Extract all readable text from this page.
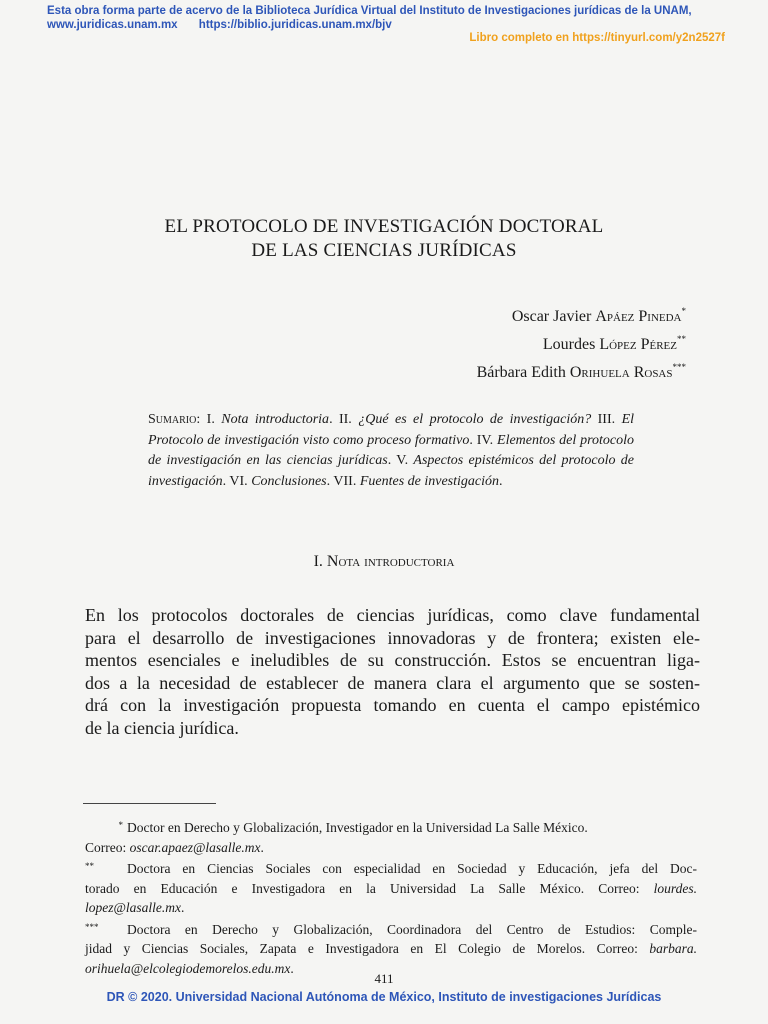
Esta obra forma parte de acervo de la Biblioteca Jurídica Virtual del Instituto de Investigaciones jurídicas de la UNAM,
www.juridicas.unam.mx https://biblio.juridicas.unam.mx/bjv
Libro completo en https://tinyurl.com/y2n2527f
EL PROTOCOLO DE INVESTIGACIÓN DOCTORAL
DE LAS CIENCIAS JURÍDICAS
Oscar Javier Apáez Pineda*
Lourdes López Pérez**
Bárbara Edith Orihuela Rosas***
Sumario: I. Nota introductoria. II. ¿Qué es el protocolo de investigación? III. El Protocolo de investigación visto como proceso formativo. IV. Elementos del protocolo de investigación en las ciencias jurídicas. V. Aspectos epistémicos del protocolo de investigación. VI. Conclusiones. VII. Fuentes de investigación.
I. Nota introductoria
En los protocolos doctorales de ciencias jurídicas, como clave fundamental
para el desarrollo de investigaciones innovadoras y de frontera; existen ele-
mentos esenciales e ineludibles de su construcción. Estos se encuentran liga-
dos a la necesidad de establecer de manera clara el argumento que se sosten-
drá con la investigación propuesta tomando en cuenta el campo epistémico
de la ciencia jurídica.
* Doctor en Derecho y Globalización, Investigador en la Universidad La Salle México.
Correo: oscar.apaez@lasalle.mx.
** Doctora en Ciencias Sociales con especialidad en Sociedad y Educación, jefa del Doc-
torado en Educación e Investigadora en la Universidad La Salle México. Correo: lourdes.
lopez@lasalle.mx.
*** Doctora en Derecho y Globalización, Coordinadora del Centro de Estudios: Comple-
jidad y Ciencias Sociales, Zapata e Investigadora en El Colegio de Morelos. Correo: barbara.
orihuela@elcolegiodemorelos.edu.mx.
411
DR © 2020. Universidad Nacional Autónoma de México, Instituto de investigaciones Jurídicas
